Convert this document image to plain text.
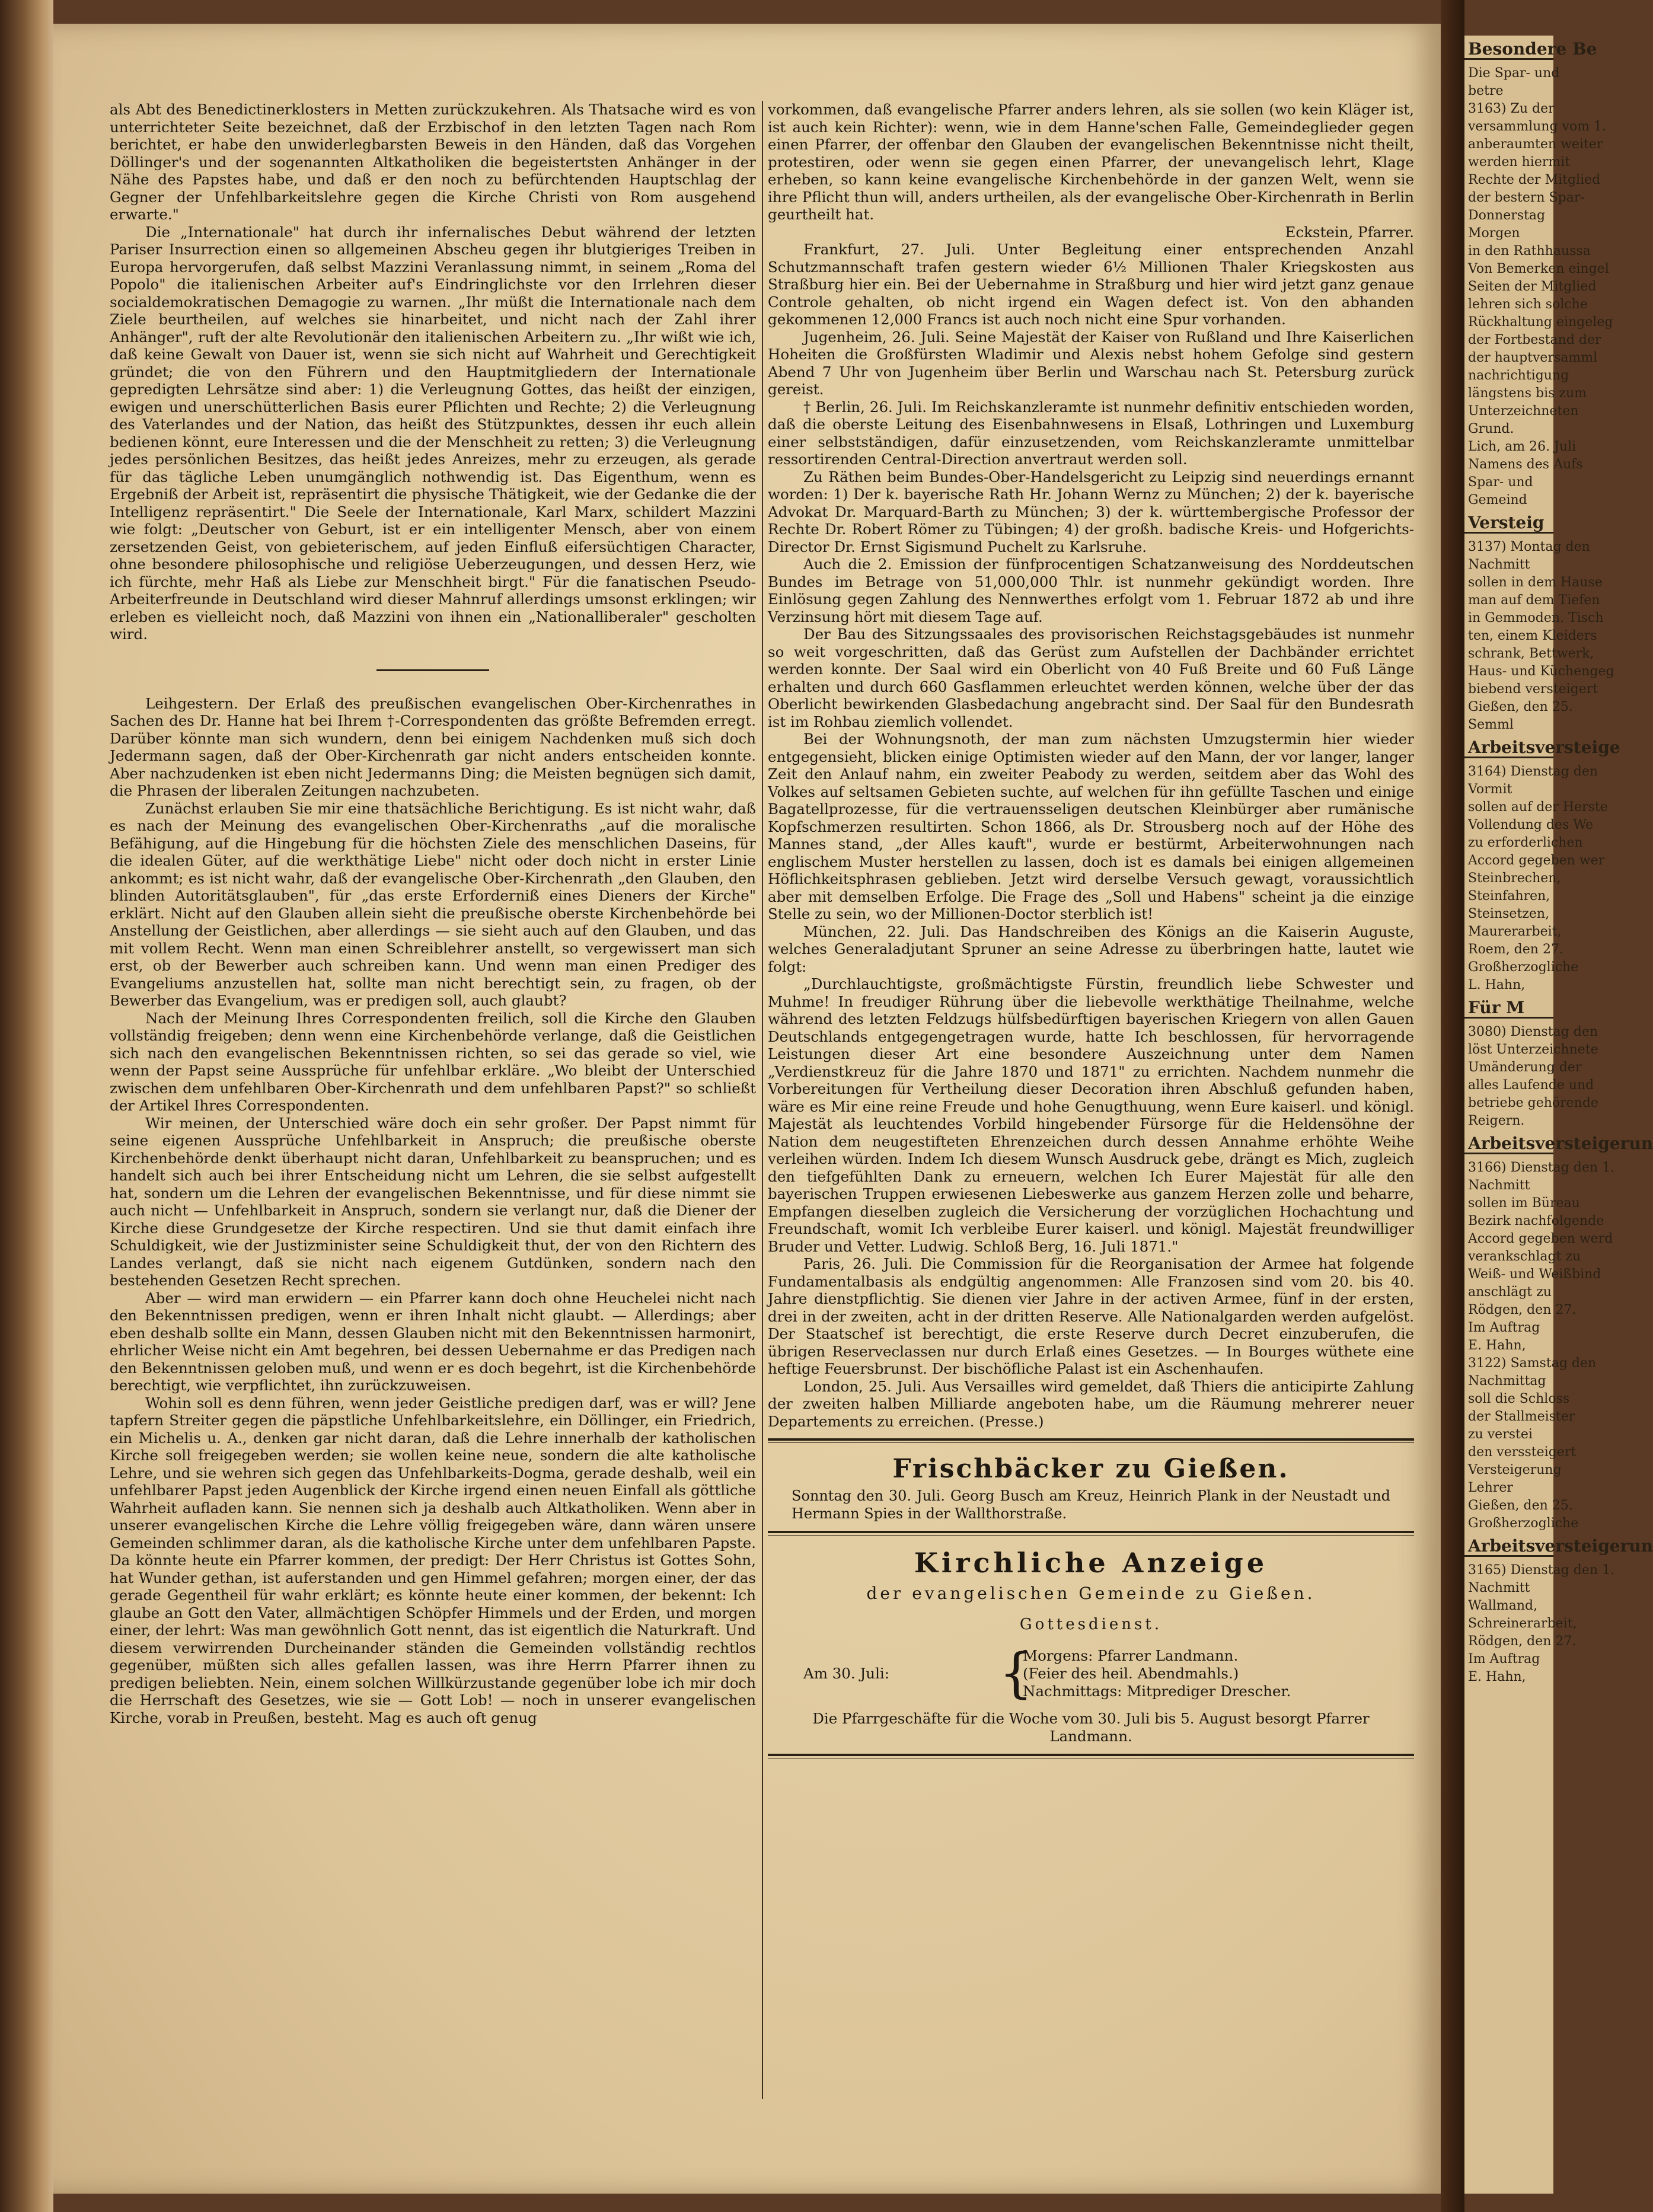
als Abt des Benedictinerklosters in Metten zurückzukehren. Als Thatsache wird es von unterrichteter Seite bezeichnet, daß der Erzbischof in den letzten Tagen nach Rom berichtet, er habe den unwiderlegbarsten Beweis in den Händen, daß das Vorgehen Döllinger's und der sogenannten Altkatholiken die begeistertsten Anhänger in der Nähe des Papstes habe, und daß er den noch zu befürchtenden Hauptschlag der Gegner der Unfehlbarkeitslehre gegen die Kirche Christi von Rom ausgehend erwarte."

Die „Internationale" hat durch ihr infernalisches Debut während der letzten Pariser Insurrection einen so allgemeinen Abscheu gegen ihr blutgieriges Treiben in Europa hervorgerufen, daß selbst Mazzini Veranlassung nimmt, in seinem „Roma del Popolo" die italienischen Arbeiter auf's Eindringlichste vor den Irrlehren dieser socialdemokratischen Demagogie zu warnen. „Ihr müßt die Internationale nach dem Ziele beurtheilen, auf welches sie hinarbeitet, und nicht nach der Zahl ihrer Anhänger", ruft der alte Revolutionär den italienischen Arbeitern zu. „Ihr wißt wie ich, daß keine Gewalt von Dauer ist, wenn sie sich nicht auf Wahrheit und Gerechtigkeit gründet; die von den Führern und den Hauptmitgliedern der Internationale gepredigten Lehrsätze sind aber: 1) die Verleugnung Gottes, das heißt der einzigen, ewigen und unerschütterlichen Basis eurer Pflichten und Rechte; 2) die Verleugnung des Vaterlandes und der Nation, das heißt des Stützpunktes, dessen ihr euch allein bedienen könnt, eure Interessen und die der Menschheit zu retten; 3) die Verleugnung jedes persönlichen Besitzes, das heißt jedes Anreizes, mehr zu erzeugen, als gerade für das tägliche Leben unumgänglich nothwendig ist. Das Eigenthum, wenn es Ergebniß der Arbeit ist, repräsentirt die physische Thätigkeit, wie der Gedanke die der Intelligenz repräsentirt." Die Seele der Internationale, Karl Marx, schildert Mazzini wie folgt: „Deutscher von Geburt, ist er ein intelligenter Mensch, aber von einem zersetzenden Geist, von gebieterischem, auf jeden Einfluß eifersüchtigen Character, ohne besondere philosophische und religiöse Ueberzeugungen, und dessen Herz, wie ich fürchte, mehr Haß als Liebe zur Menschheit birgt." Für die fanatischen Pseudo-Arbeiterfreunde in Deutschland wird dieser Mahnruf allerdings umsonst erklingen; wir erleben es vielleicht noch, daß Mazzini von ihnen ein „Nationalliberaler" gescholten wird.

Leihgestern. Der Erlaß des preußischen evangelischen Ober-Kirchenrathes in Sachen des Dr. Hanne hat bei Ihrem †-Correspondenten das größte Befremden erregt. Darüber könnte man sich wundern, denn bei einigem Nachdenken muß sich doch Jedermann sagen, daß der Ober-Kirchenrath gar nicht anders entscheiden konnte. Aber nachzudenken ist eben nicht Jedermanns Ding; die Meisten begnügen sich damit, die Phrasen der liberalen Zeitungen nachzubeten.

Zunächst erlauben Sie mir eine thatsächliche Berichtigung. Es ist nicht wahr, daß es nach der Meinung des evangelischen Ober-Kirchenraths „auf die moralische Befähigung, auf die Hingebung für die höchsten Ziele des menschlichen Daseins, für die idealen Güter, auf die werkthätige Liebe" nicht oder doch nicht in erster Linie ankommt; es ist nicht wahr, daß der evangelische Ober-Kirchenrath „den Glauben, den blinden Autoritätsglauben", für „das erste Erforderniß eines Dieners der Kirche" erklärt. Nicht auf den Glauben allein sieht die preußische oberste Kirchenbehörde bei Anstellung der Geistlichen, aber allerdings — sie sieht auch auf den Glauben, und das mit vollem Recht. Wenn man einen Schreiblehrer anstellt, so vergewissert man sich erst, ob der Bewerber auch schreiben kann. Und wenn man einen Prediger des Evangeliums anzustellen hat, sollte man nicht berechtigt sein, zu fragen, ob der Bewerber das Evangelium, was er predigen soll, auch glaubt?

Nach der Meinung Ihres Correspondenten freilich, soll die Kirche den Glauben vollständig freigeben; denn wenn eine Kirchenbehörde verlange, daß die Geistlichen sich nach den evangelischen Bekenntnissen richten, so sei das gerade so viel, wie wenn der Papst seine Aussprüche für unfehlbar erkläre. „Wo bleibt der Unterschied zwischen dem unfehlbaren Ober-Kirchenrath und dem unfehlbaren Papst?" so schließt der Artikel Ihres Correspondenten.

Wir meinen, der Unterschied wäre doch ein sehr großer. Der Papst nimmt für seine eigenen Aussprüche Unfehlbarkeit in Anspruch; die preußische oberste Kirchenbehörde denkt überhaupt nicht daran, Unfehlbarkeit zu beanspruchen; und es handelt sich auch bei ihrer Entscheidung nicht um Lehren, die sie selbst aufgestellt hat, sondern um die Lehren der evangelischen Bekenntnisse, und für diese nimmt sie auch nicht — Unfehlbarkeit in Anspruch, sondern sie verlangt nur, daß die Diener der Kirche diese Grundgesetze der Kirche respectiren. Und sie thut damit einfach ihre Schuldigkeit, wie der Justizminister seine Schuldigkeit thut, der von den Richtern des Landes verlangt, daß sie nicht nach eigenem Gutdünken, sondern nach den bestehenden Gesetzen Recht sprechen.

Aber — wird man erwidern — ein Pfarrer kann doch ohne Heuchelei nicht nach den Bekenntnissen predigen, wenn er ihren Inhalt nicht glaubt. — Allerdings; aber eben deshalb sollte ein Mann, dessen Glauben nicht mit den Bekenntnissen harmonirt, ehrlicher Weise nicht ein Amt begehren, bei dessen Uebernahme er das Predigen nach den Bekenntnissen geloben muß, und wenn er es doch begehrt, ist die Kirchenbehörde berechtigt, wie verpflichtet, ihn zurückzuweisen.

Wohin soll es denn führen, wenn jeder Geistliche predigen darf, was er will? Jene tapfern Streiter gegen die päpstliche Unfehlbarkeitslehre, ein Döllinger, ein Friedrich, ein Michelis u. A., denken gar nicht daran, daß die Lehre innerhalb der katholischen Kirche soll freigegeben werden; sie wollen keine neue, sondern die alte katholische Lehre, und sie wehren sich gegen das Unfehlbarkeits-Dogma, gerade deshalb, weil ein unfehlbarer Papst jeden Augenblick der Kirche irgend einen neuen Einfall als göttliche Wahrheit aufladen kann. Sie nennen sich ja deshalb auch Altkatholiken. Wenn aber in unserer evangelischen Kirche die Lehre völlig freigegeben wäre, dann wären unsere Gemeinden schlimmer daran, als die katholische Kirche unter dem unfehlbaren Papste. Da könnte heute ein Pfarrer kommen, der predigt: Der Herr Christus ist Gottes Sohn, hat Wunder gethan, ist auferstanden und gen Himmel gefahren; morgen einer, der das gerade Gegentheil für wahr erklärt; es könnte heute einer kommen, der bekennt: Ich glaube an Gott den Vater, allmächtigen Schöpfer Himmels und der Erden, und morgen einer, der lehrt: Was man gewöhnlich Gott nennt, das ist eigentlich die Naturkraft. Und diesem verwirrenden Durcheinander ständen die Gemeinden vollständig rechtlos gegenüber, müßten sich alles gefallen lassen, was ihre Herrn Pfarrer ihnen zu predigen beliebten. Nein, einem solchen Willkürzustande gegenüber lobe ich mir doch die Herrschaft des Gesetzes, wie sie — Gott Lob! — noch in unserer evangelischen Kirche, vorab in Preußen, besteht. Mag es auch oft genug

vorkommen, daß evangelische Pfarrer anders lehren, als sie sollen (wo kein Kläger ist, ist auch kein Richter): wenn, wie in dem Hanne'schen Falle, Gemeindeglieder gegen einen Pfarrer, der offenbar den Glauben der evangelischen Bekenntnisse nicht theilt, protestiren, oder wenn sie gegen einen Pfarrer, der unevangelisch lehrt, Klage erheben, so kann keine evangelische Kirchenbehörde in der ganzen Welt, wenn sie ihre Pflicht thun will, anders urtheilen, als der evangelische Ober-Kirchenrath in Berlin geurtheilt hat.

Eckstein, Pfarrer.

Frankfurt, 27. Juli. Unter Begleitung einer entsprechenden Anzahl Schutzmannschaft trafen gestern wieder 6½ Millionen Thaler Kriegskosten aus Straßburg hier ein. Bei der Uebernahme in Straßburg und hier wird jetzt ganz genaue Controle gehalten, ob nicht irgend ein Wagen defect ist. Von den abhanden gekommenen 12,000 Francs ist auch noch nicht eine Spur vorhanden.

Jugenheim, 26. Juli. Seine Majestät der Kaiser von Rußland und Ihre Kaiserlichen Hoheiten die Großfürsten Wladimir und Alexis nebst hohem Gefolge sind gestern Abend 7 Uhr von Jugenheim über Berlin und Warschau nach St. Petersburg zurück gereist.

† Berlin, 26. Juli. Im Reichskanzleramte ist nunmehr definitiv entschieden worden, daß die oberste Leitung des Eisenbahnwesens in Elsaß, Lothringen und Luxemburg einer selbstständigen, dafür einzusetzenden, vom Reichskanzleramte unmittelbar ressortirenden Central-Direction anvertraut werden soll.

Zu Räthen beim Bundes-Ober-Handelsgericht zu Leipzig sind neuerdings ernannt worden: 1) Der k. bayerische Rath Hr. Johann Wernz zu München; 2) der k. bayerische Advokat Dr. Marquard-Barth zu München; 3) der k. württembergische Professor der Rechte Dr. Robert Römer zu Tübingen; 4) der großh. badische Kreis- und Hofgerichts-Director Dr. Ernst Sigismund Puchelt zu Karlsruhe.

Auch die 2. Emission der fünfprocentigen Schatzanweisung des Norddeutschen Bundes im Betrage von 51,000,000 Thlr. ist nunmehr gekündigt worden. Ihre Einlösung gegen Zahlung des Nennwerthes erfolgt vom 1. Februar 1872 ab und ihre Verzinsung hört mit diesem Tage auf.

Der Bau des Sitzungssaales des provisorischen Reichstagsgebäudes ist nunmehr so weit vorgeschritten, daß das Gerüst zum Aufstellen der Dachbänder errichtet werden konnte. Der Saal wird ein Oberlicht von 40 Fuß Breite und 60 Fuß Länge erhalten und durch 660 Gasflammen erleuchtet werden können, welche über der das Oberlicht bewirkenden Glasbedachung angebracht sind. Der Saal für den Bundesrath ist im Rohbau ziemlich vollendet.

Bei der Wohnungsnoth, der man zum nächsten Umzugstermin hier wieder entgegensieht, blicken einige Optimisten wieder auf den Mann, der vor langer, langer Zeit den Anlauf nahm, ein zweiter Peabody zu werden, seitdem aber das Wohl des Volkes auf seltsamen Gebieten suchte, auf welchen für ihn gefüllte Taschen und einige Bagatellprozesse, für die vertrauensseligen deutschen Kleinbürger aber rumänische Kopfschmerzen resultirten. Schon 1866, als Dr. Strousberg noch auf der Höhe des Mannes stand, „der Alles kauft", wurde er bestürmt, Arbeiterwohnungen nach englischem Muster herstellen zu lassen, doch ist es damals bei einigen allgemeinen Höflichkeitsphrasen geblieben. Jetzt wird derselbe Versuch gewagt, voraussichtlich aber mit demselben Erfolge. Die Frage des „Soll und Habens" scheint ja die einzige Stelle zu sein, wo der Millionen-Doctor sterblich ist!

München, 22. Juli. Das Handschreiben des Königs an die Kaiserin Auguste, welches Generaladjutant Spruner an seine Adresse zu überbringen hatte, lautet wie folgt:

„Durchlauchtigste, großmächtigste Fürstin, freundlich liebe Schwester und Muhme! In freudiger Rührung über die liebevolle werkthätige Theilnahme, welche während des letzten Feldzugs hülfsbedürftigen bayerischen Kriegern von allen Gauen Deutschlands entgegengetragen wurde, hatte Ich beschlossen, für hervorragende Leistungen dieser Art eine besondere Auszeichnung unter dem Namen „Verdienstkreuz für die Jahre 1870 und 1871" zu errichten. Nachdem nunmehr die Vorbereitungen für Vertheilung dieser Decoration ihren Abschluß gefunden haben, wäre es Mir eine reine Freude und hohe Genugthuung, wenn Eure kaiserl. und königl. Majestät als leuchtendes Vorbild hingebender Fürsorge für die Heldensöhne der Nation dem neugestifteten Ehrenzeichen durch dessen Annahme erhöhte Weihe verleihen würden. Indem Ich diesem Wunsch Ausdruck gebe, drängt es Mich, zugleich den tiefgefühlten Dank zu erneuern, welchen Ich Eurer Majestät für alle den bayerischen Truppen erwiesenen Liebeswerke aus ganzem Herzen zolle und beharre, Empfangen dieselben zugleich die Versicherung der vorzüglichen Hochachtung und Freundschaft, womit Ich verbleibe Eurer kaiserl. und königl. Majestät freundwilliger Bruder und Vetter. Ludwig. Schloß Berg, 16. Juli 1871."

Paris, 26. Juli. Die Commission für die Reorganisation der Armee hat folgende Fundamentalbasis als endgültig angenommen: Alle Franzosen sind vom 20. bis 40. Jahre dienstpflichtig. Sie dienen vier Jahre in der activen Armee, fünf in der ersten, drei in der zweiten, acht in der dritten Reserve. Alle Nationalgarden werden aufgelöst. Der Staatschef ist berechtigt, die erste Reserve durch Decret einzuberufen, die übrigen Reserveclassen nur durch Erlaß eines Gesetzes. — In Bourges wüthete eine heftige Feuersbrunst. Der bischöfliche Palast ist ein Aschenhaufen.

London, 25. Juli. Aus Versailles wird gemeldet, daß Thiers die anticipirte Zahlung der zweiten halben Milliarde angeboten habe, um die Räumung mehrerer neuer Departements zu erreichen. (Presse.)

Frischbäcker zu Gießen.
Sonntag den 30. Juli. Georg Busch am Kreuz, Heinrich Plank in der Neustadt und Hermann Spies in der Wallthorstraße.
Kirchliche Anzeige
der evangelischen Gemeinde zu Gießen.
Gottesdienst.
Am 30. Juli:	{
Morgens: Pfarrer Landmann.
(Feier des heil. Abendmahls.)
Nachmittags: Mitprediger Drescher.
Die Pfarrgeschäfte für die Woche vom 30. Juli bis 5. August besorgt Pfarrer Landmann.
Besondere Be
Die Spar- und
betre
3163) Zu der
versammlung vom 1.
anberaumten weiter
werden hiermit
Rechte der Mitglied
der bestern Spar-
Donnerstag
Morgen
in den Rathhaussa
Von Bemerken eingel
Seiten der Mitglied
lehren sich solche
Rückhaltung eingeleg
der Fortbestand der
der hauptversamml
nachrichtigung
längstens bis zum
Unterzeichneten
Grund.
Lich, am 26. Juli
Namens des Aufs
Spar- und
Gemeind
Versteig
3137) Montag den
Nachmitt
sollen in dem Hause
man auf dem Tiefen
in Gemmoden. Tisch
ten, einem Kleiders
schrank, Bettwerk,
Haus- und Küchengeg
biebend versteigert
Gießen, den 25.
Semml
Arbeitsversteige
3164) Dienstag den
Vormit
sollen auf der Herste
Vollendung des We
zu erforderlichen
Accord gegeben wer
Steinbrechen,
Steinfahren,
Steinsetzen,
Maurerarbeit,
Roem, den 27.
Großherzogliche
L. Hahn,
Für M
3080) Dienstag den
löst Unterzeichnete
Umänderung der
alles Laufende und
betriebe gehörende
Reigern.
Arbeitsversteigerun
3166) Dienstag den 1.
Nachmitt
sollen im Büreau
Bezirk nachfolgende
Accord gegeben werd
verankschlagt zu
Weiß- und Weißbind
anschlägt zu
Rödgen, den 27.
Im Auftrag
E. Hahn,
3122) Samstag den
Nachmittag
soll die Schloss
der Stallmeister
zu verstei
den verssteigert
Versteigerung
Lehrer
Gießen, den 25.
Großherzogliche
Arbeitsversteigerun
3165) Dienstag den 1.
Nachmitt
Wallmand,
Schreinerarbeit,
Rödgen, den 27.
Im Auftrag
E. Hahn,
